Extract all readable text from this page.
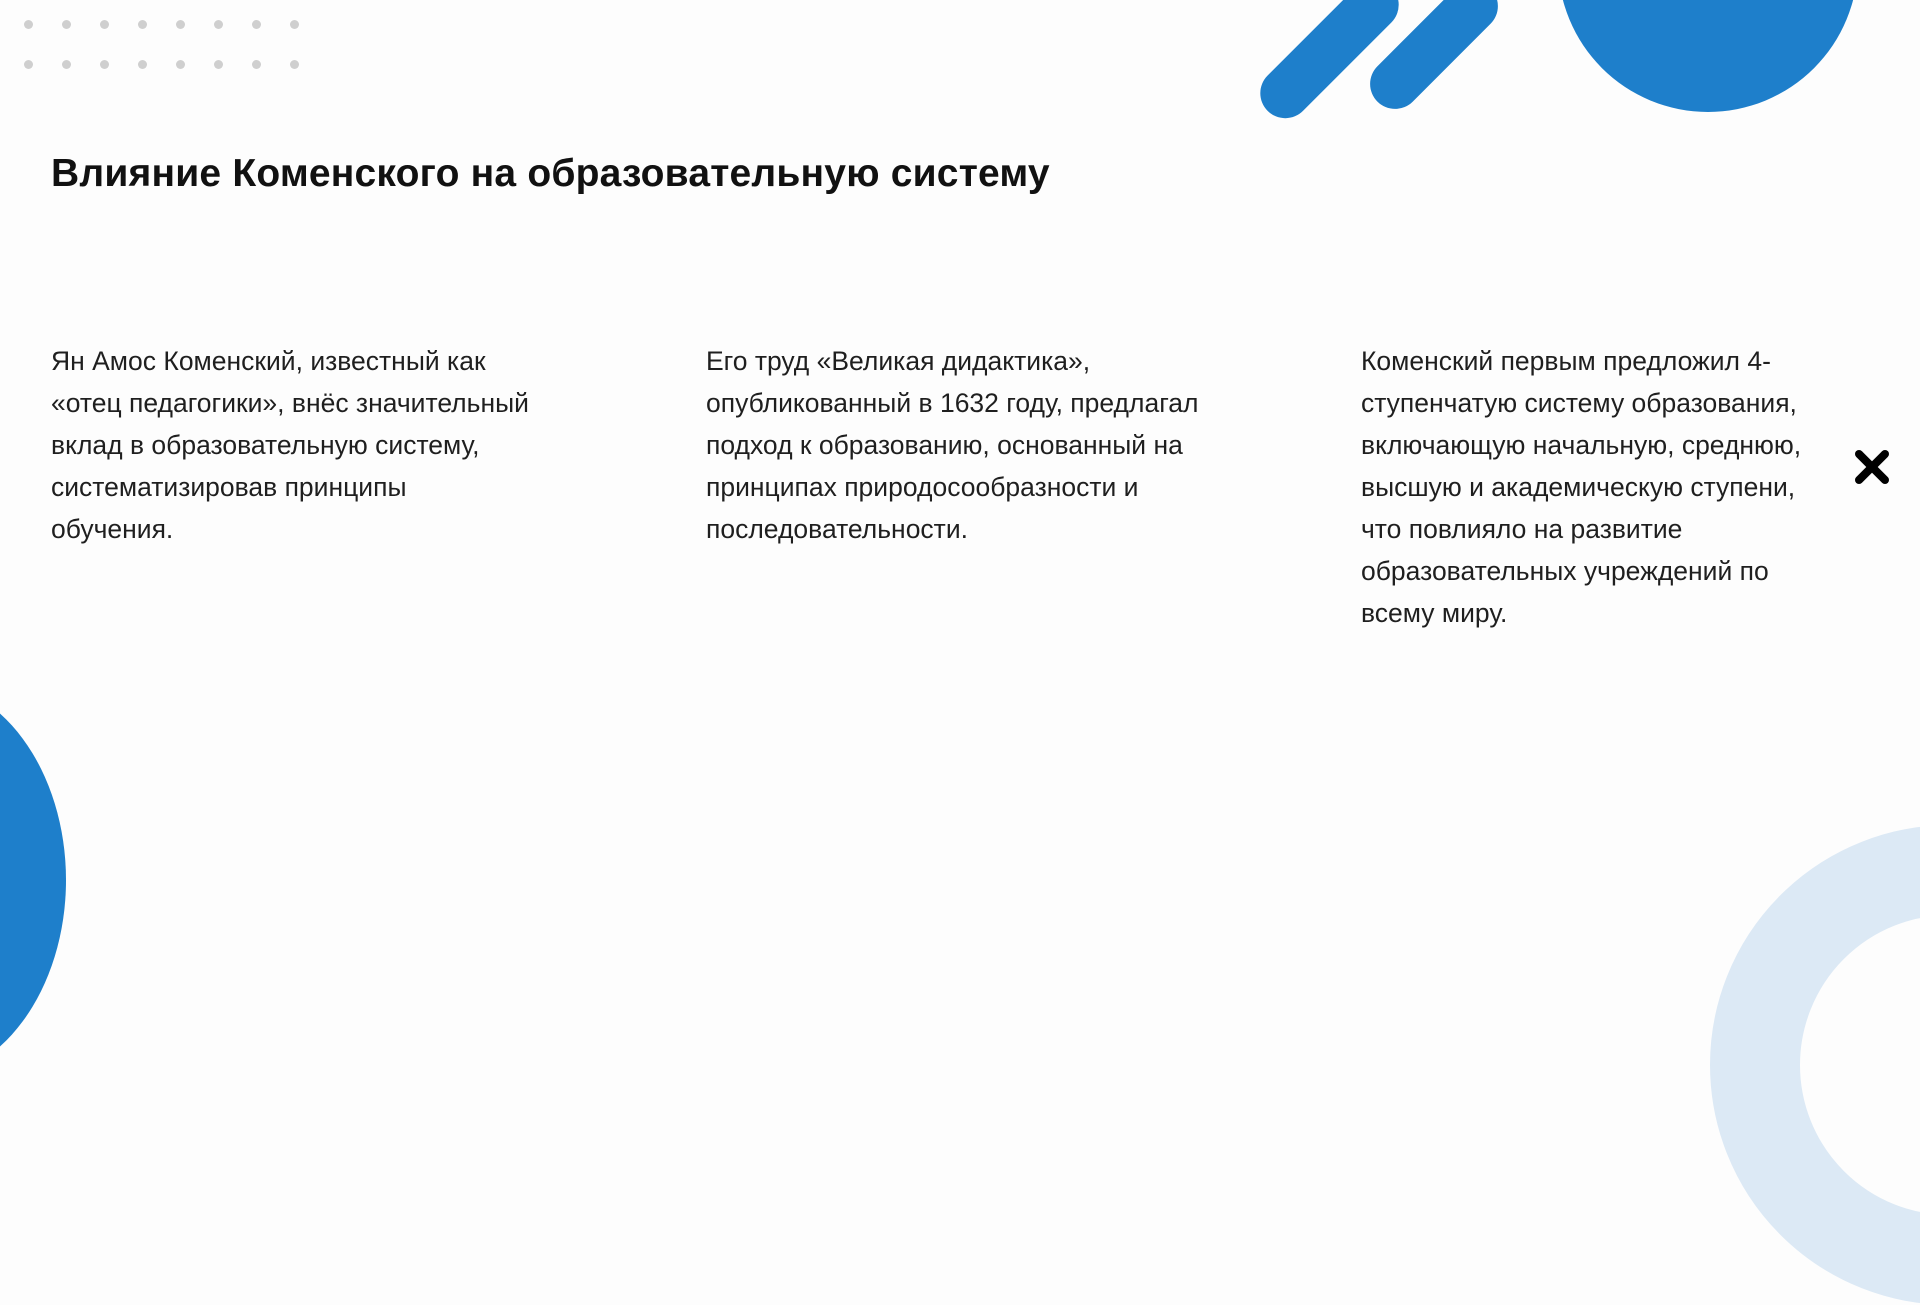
Влияние Коменского на образовательную систему

Ян Амос Коменский, известный как «отец педагогики», внёс значительный вклад в образовательную систему, систематизировав принципы обучения.

Его труд «Великая дидактика», опубликованный в 1632 году, предлагал подход к образованию, основанный на принципах природосообразности и последовательности.

Коменский первым предложил 4-ступенчатую систему образования, включающую начальную, среднюю, высшую и академическую ступени, что повлияло на развитие образовательных учреждений по всему миру.
